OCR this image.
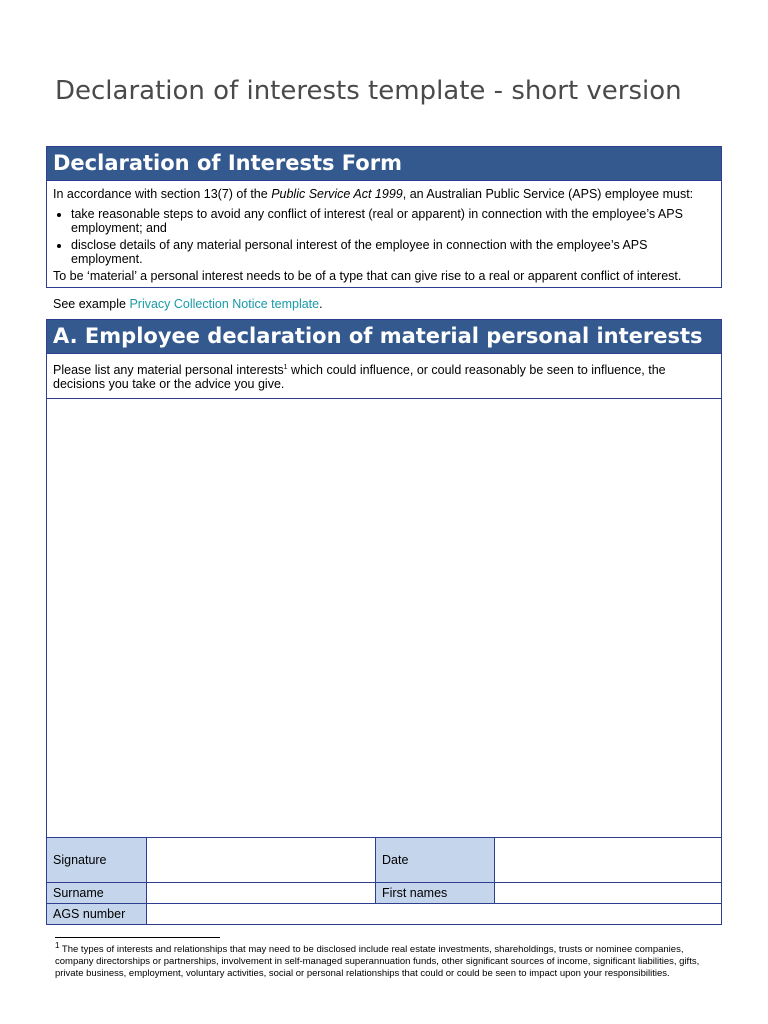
Declaration of interests template - short version
Declaration of Interests Form

In accordance with section 13(7) of the Public Service Act 1999, an Australian Public Service (APS) employee must:

• take reasonable steps to avoid any conflict of interest (real or apparent) in connection with the employee’s APS employment; and
• disclose details of any material personal interest of the employee in connection with the employee’s APS employment.

To be ‘material’ a personal interest needs to be of a type that can give rise to a real or apparent conflict of interest.

See example Privacy Collection Notice template.
A. Employee declaration of material personal interests
Please list any material personal interests$^1$ which could influence, or could reasonably be seen to influence, the decisions you take or the advice you give.
Signature		Date	
Surname		First names	
AGS number			
$^1$ The types of interests and relationships that may need to be disclosed include real estate investments, shareholdings, trusts or nominee companies, company directorships or partnerships, involvement in self-managed superannuation funds, other significant sources of income, significant liabilities, gifts, private business, employment, voluntary activities, social or personal relationships that could or could be seen to impact upon your responsibilities.
